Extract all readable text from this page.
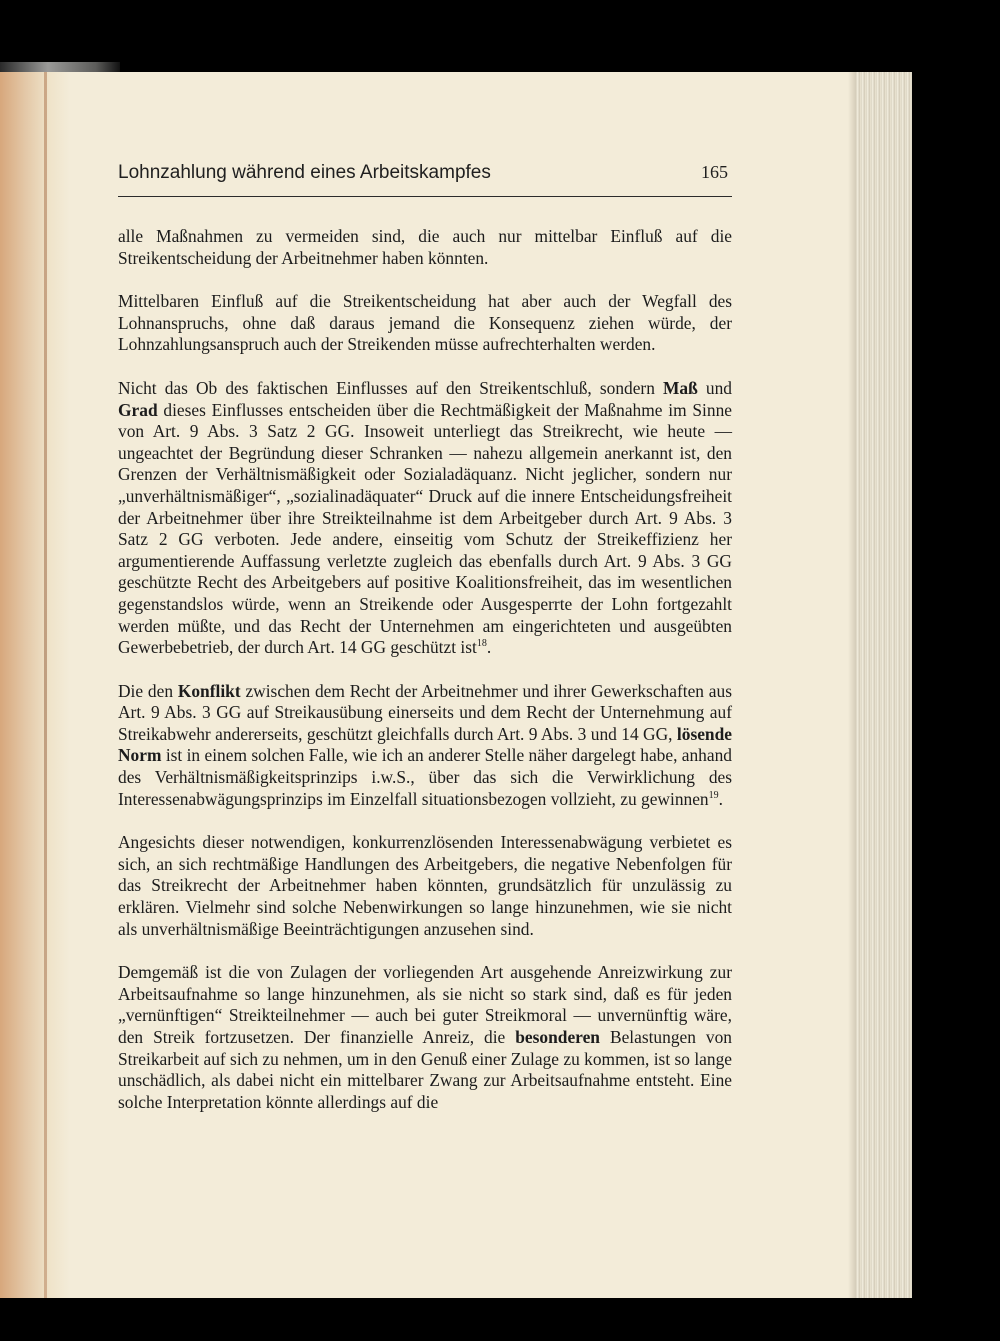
Lohnzahlung während eines Arbeitskampfes	165

alle Maßnahmen zu vermeiden sind, die auch nur mittelbar Einfluß auf die Streikentscheidung der Arbeitnehmer haben könnten.

Mittelbaren Einfluß auf die Streikentscheidung hat aber auch der Wegfall des Lohnanspruchs, ohne daß daraus jemand die Konsequenz ziehen würde, der Lohnzahlungsanspruch auch der Streikenden müsse aufrechterhalten werden.

Nicht das Ob des faktischen Einflusses auf den Streikentschluß, sondern Maß und Grad dieses Einflusses entscheiden über die Rechtmäßigkeit der Maßnahme im Sinne von Art. 9 Abs. 3 Satz 2 GG. Insoweit unterliegt das Streikrecht, wie heute — ungeachtet der Begründung dieser Schranken — nahezu allgemein anerkannt ist, den Grenzen der Verhältnismäßigkeit oder Sozialadäquanz. Nicht jeglicher, sondern nur „unverhältnismäßiger“, „sozialinadäquater“ Druck auf die innere Entscheidungsfreiheit der Arbeitnehmer über ihre Streikteilnahme ist dem Arbeitgeber durch Art. 9 Abs. 3 Satz 2 GG verboten. Jede andere, einseitig vom Schutz der Streikeffizienz her argumentierende Auffassung verletzte zugleich das ebenfalls durch Art. 9 Abs. 3 GG geschützte Recht des Arbeitgebers auf positive Koalitionsfreiheit, das im wesentlichen gegenstandslos würde, wenn an Streikende oder Ausgesperrte der Lohn fortgezahlt werden müßte, und das Recht der Unternehmen am eingerichteten und ausgeübten Gewerbebetrieb, der durch Art. 14 GG geschützt ist$^{18}$.

Die den Konflikt zwischen dem Recht der Arbeitnehmer und ihrer Gewerkschaften aus Art. 9 Abs. 3 GG auf Streikausübung einerseits und dem Recht der Unternehmung auf Streikabwehr andererseits, geschützt gleichfalls durch Art. 9 Abs. 3 und 14 GG, lösende Norm ist in einem solchen Falle, wie ich an anderer Stelle näher dargelegt habe, anhand des Verhältnismäßigkeitsprinzips i.w.S., über das sich die Verwirklichung des Interessenabwägungsprinzips im Einzelfall situationsbezogen vollzieht, zu gewinnen$^{19}$.

Angesichts dieser notwendigen, konkurrenzlösenden Interessenabwägung verbietet es sich, an sich rechtmäßige Handlungen des Arbeitgebers, die negative Nebenfolgen für das Streikrecht der Arbeitnehmer haben könnten, grundsätzlich für unzulässig zu erklären. Vielmehr sind solche Nebenwirkungen so lange hinzunehmen, wie sie nicht als unverhältnismäßige Beeinträchtigungen anzusehen sind.

Demgemäß ist die von Zulagen der vorliegenden Art ausgehende Anreizwirkung zur Arbeitsaufnahme so lange hinzunehmen, als sie nicht so stark sind, daß es für jeden „vernünftigen“ Streikteilnehmer — auch bei guter Streikmoral — unvernünftig wäre, den Streik fortzusetzen. Der finanzielle Anreiz, die besonderen Belastungen von Streikarbeit auf sich zu nehmen, um in den Genuß einer Zulage zu kommen, ist so lange unschädlich, als dabei nicht ein mittelbarer Zwang zur Arbeitsaufnahme entsteht. Eine solche Interpretation könnte allerdings auf die
